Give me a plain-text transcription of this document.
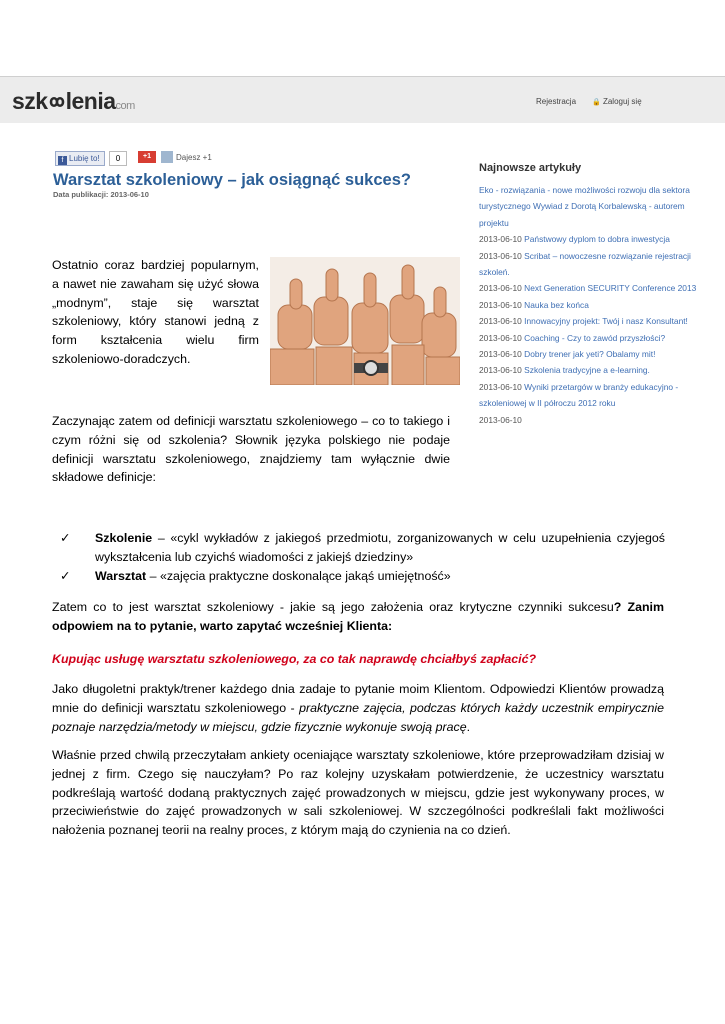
szk leniacom	Rejestracja 🔒 Zaloguj się
f Lubię to!	0	+1	Dajesz +1
Warsztat szkoleniowy – jak osiągnąć sukces?
Data publikacji: 2013-06-10
Najnowsze artykuły
Eko - rozwiązania - nowe możliwości rozwoju dla sektora turystycznego Wywiad z Dorotą Korbalewską - autorem projektu
2013-06-10 Państwowy dyplom to dobra inwestycja
2013-06-10 Scribat – nowoczesne rozwiązanie rejestracji szkoleń.
2013-06-10 Next Generation SECURITY Conference 2013
2013-06-10 Nauka bez końca
2013-06-10 Innowacyjny projekt: Twój i nasz Konsultant!
2013-06-10 Coaching - Czy to zawód przyszłości?
2013-06-10 Dobry trener jak yeti? Obalamy mit!
2013-06-10 Szkolenia tradycyjne a e-learning.
2013-06-10 Wyniki przetargów w branży edukacyjno - szkoleniowej w II półroczu 2012 roku
2013-06-10
Ostatnio coraz bardziej popularnym, a nawet nie zawaham się użyć słowa „modnym”, staje się warsztat szkoleniowy, który stanowi jedną z form kształcenia wielu firm szkoleniowo-doradczych.
Zaczynając zatem od definicji warsztatu szkoleniowego – co to takiego i czym różni się od szkolenia? Słownik języka polskiego nie podaje definicji warsztatu szkoleniowego, znajdziemy tam wyłącznie dwie składowe definicje:
✓ Szkolenie – «cykl wykładów z jakiegoś przedmiotu, zorganizowanych w celu uzupełnienia czyjegoś wykształcenia lub czyichś wiadomości z jakiejś dziedziny»
✓ Warsztat – «zajęcia praktyczne doskonalące jakąś umiejętność»
Zatem co to jest warsztat szkoleniowy - jakie są jego założenia oraz krytyczne czynniki sukcesu? Zanim odpowiem na to pytanie, warto zapytać wcześniej Klienta:
Kupując usługę warsztatu szkoleniowego, za co tak naprawdę chciałbyś zapłacić?
Jako długoletni praktyk/trener każdego dnia zadaje to pytanie moim Klientom. Odpowiedzi Klientów prowadzą mnie do definicji warsztatu szkoleniowego - praktyczne zajęcia, podczas których każdy uczestnik empirycznie poznaje narzędzia/metody w miejscu, gdzie fizycznie wykonuje swoją pracę.
Właśnie przed chwilą przeczytałam ankiety oceniające warsztaty szkoleniowe, które przeprowadziłam dzisiaj w jednej z firm. Czego się nauczyłam? Po raz kolejny uzyskałam potwierdzenie, że uczestnicy warsztatu podkreślają wartość dodaną praktycznych zajęć prowadzonych w miejscu, gdzie jest wykonywany proces, w przeciwieństwie do zajęć prowadzonych w sali szkoleniowej. W szczególności podkreślali fakt możliwości nałożenia poznanej teorii na realny proces, z którym mają do czynienia na co dzień.
